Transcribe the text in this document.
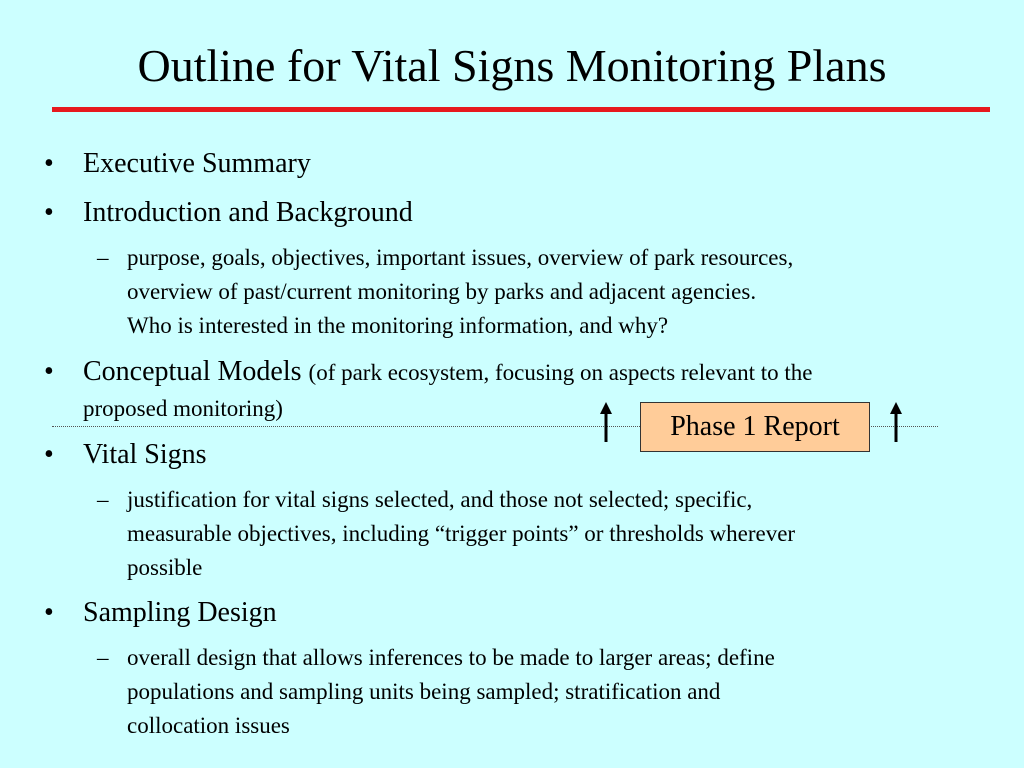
Outline for Vital Signs Monitoring Plans
• Executive Summary
• Introduction and Background
– purpose, goals, objectives, important issues, overview of park resources,
overview of past/current monitoring by parks and adjacent agencies.
Who is interested in the monitoring information, and why?
• Conceptual Models (of park ecosystem, focusing on aspects relevant to the
proposed monitoring)
Phase 1 Report
• Vital Signs
– justification for vital signs selected, and those not selected; specific,
measurable objectives, including “trigger points” or thresholds wherever
possible
• Sampling Design
– overall design that allows inferences to be made to larger areas; define
populations and sampling units being sampled; stratification and
collocation issues
